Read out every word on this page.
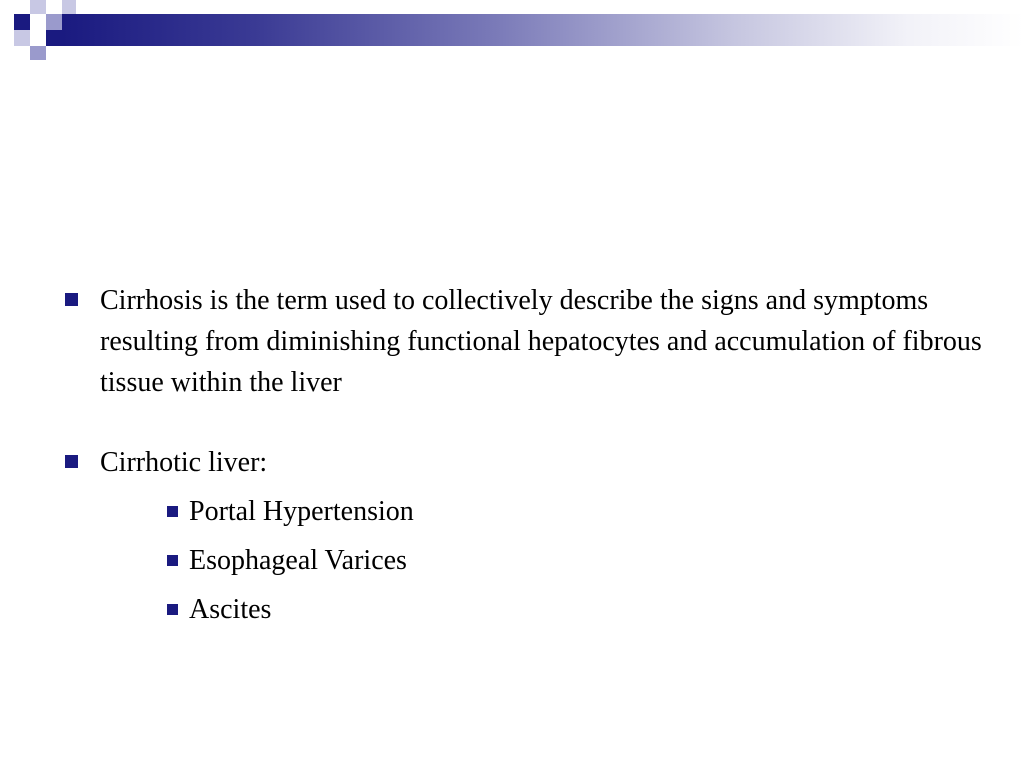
Cirrhosis is the term used to collectively describe the signs and symptoms resulting from diminishing functional hepatocytes and accumulation of fibrous tissue within the liver
Cirrhotic liver:
Portal Hypertension
Esophageal Varices
Ascites
